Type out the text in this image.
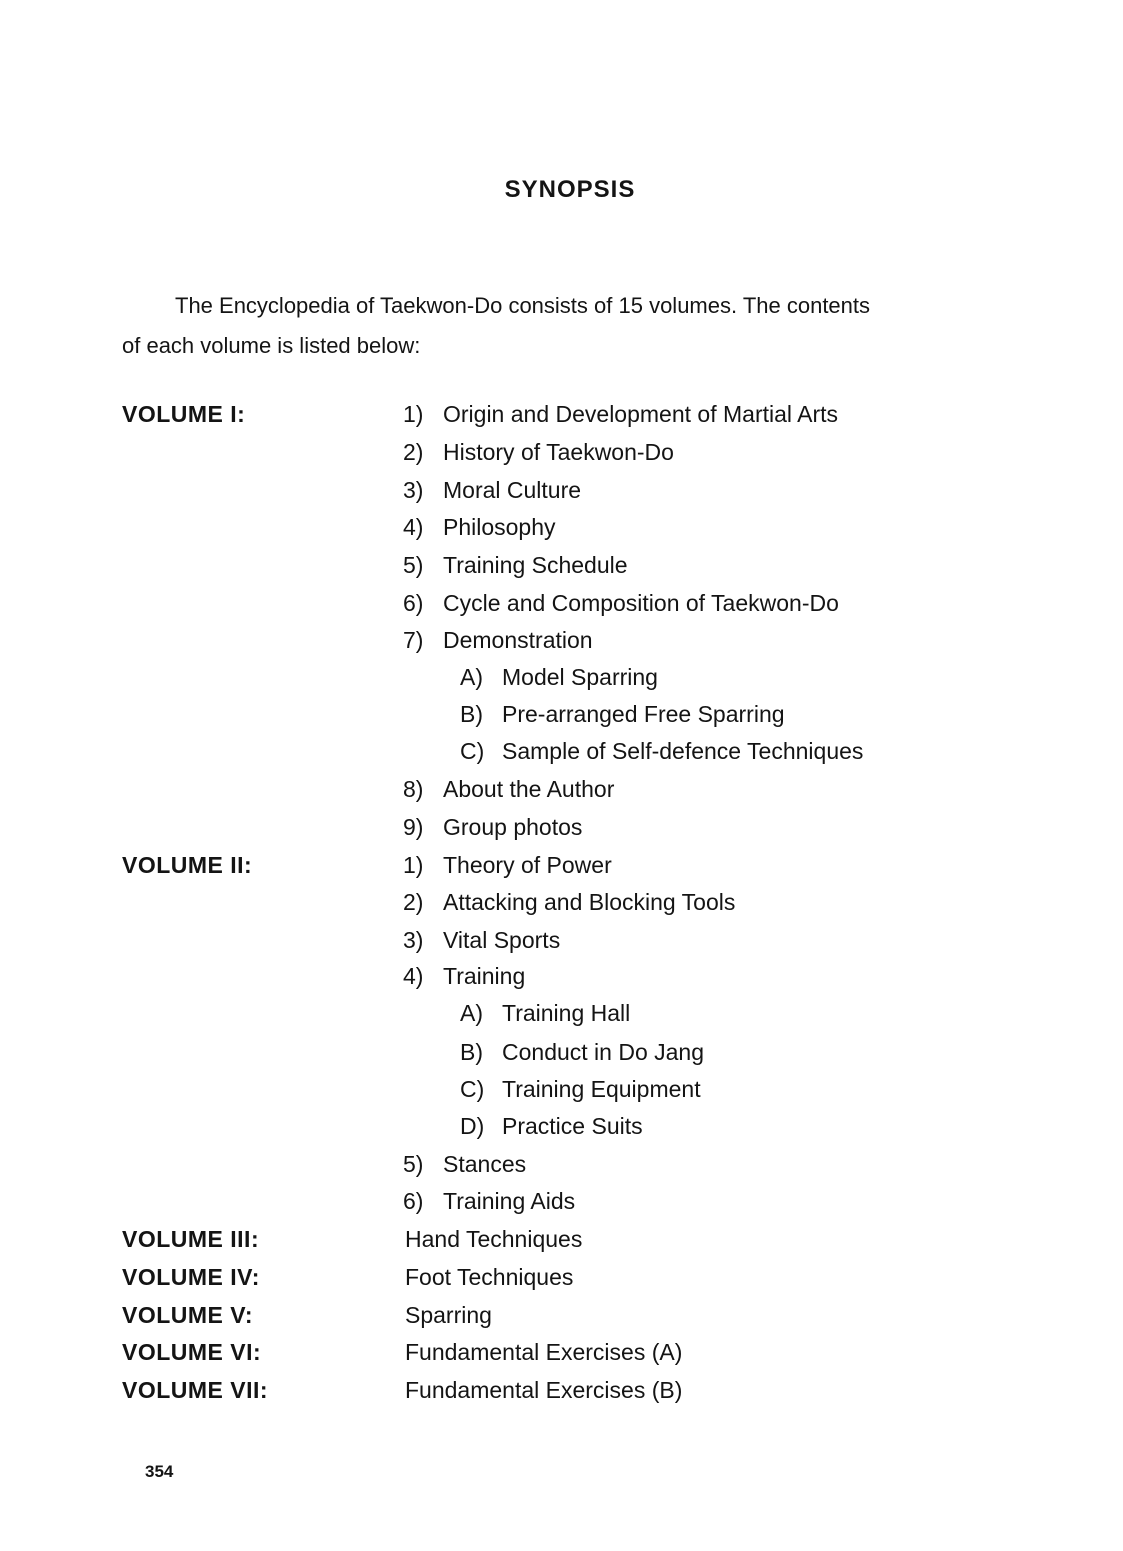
SYNOPSIS

The Encyclopedia of Taekwon-Do consists of 15 volumes. The contents
of each volume is listed below:

VOLUME I:	1) Origin and Development of Martial Arts
2) History of Taekwon-Do
3) Moral Culture
4) Philosophy
5) Training Schedule
6) Cycle and Composition of Taekwon-Do
7) Demonstration
A) Model Sparring
B) Pre-arranged Free Sparring
C) Sample of Self-defence Techniques
8) About the Author
9) Group photos
VOLUME II:	1) Theory of Power
2) Attacking and Blocking Tools
3) Vital Sports
4) Training
A) Training Hall
B) Conduct in Do Jang
C) Training Equipment
D) Practice Suits
5) Stances
6) Training Aids
VOLUME III:	Hand Techniques
VOLUME IV:	Foot Techniques
VOLUME V:	Sparring
VOLUME VI:	Fundamental Exercises (A)
VOLUME VII:	Fundamental Exercises (B)
354
